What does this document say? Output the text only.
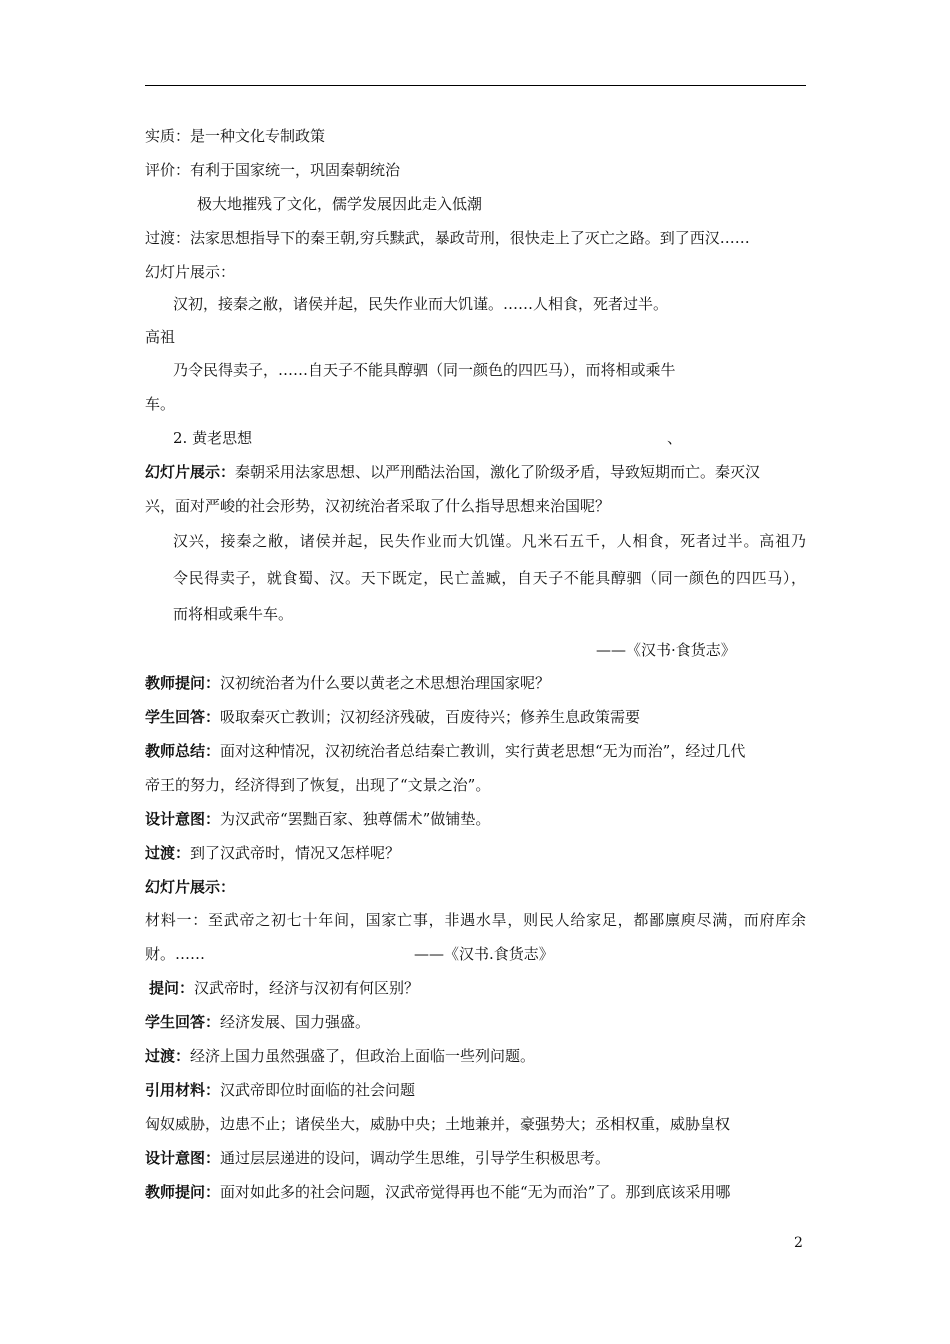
实质：是一种文化专制政策
评价：有利于国家统一，巩固秦朝统治
极大地摧残了文化，儒学发展因此走入低潮
过渡：法家思想指导下的秦王朝,穷兵黩武，暴政苛刑，很快走上了灭亡之路。到了西汉……
幻灯片展示：
汉初，接秦之敝，诸侯并起，民失作业而大饥谨。……人相食，死者过半。
高祖
乃令民得卖子，……自天子不能具醇驷（同一颜色的四匹马），而将相或乘牛
车。
2. 黄老思想	、
幻灯片展示：秦朝采用法家思想、以严刑酷法治国，激化了阶级矛盾，导致短期而亡。秦灭汉
兴，面对严峻的社会形势，汉初统治者采取了什么指导思想来治国呢？
汉兴，接秦之敝，诸侯并起，民失作业而大饥馑。凡米石五千，人相食，死者过半。高祖乃
令民得卖子，就食蜀、汉。天下既定，民亡盖臧，自天子不能具醇驷（同一颜色的四匹马），
而将相或乘牛车。
——《汉书·食货志》
教师提问：汉初统治者为什么要以黄老之术思想治理国家呢？
学生回答：吸取秦灭亡教训；汉初经济残破，百废待兴；修养生息政策需要
教师总结：面对这种情况，汉初统治者总结秦亡教训，实行黄老思想“无为而治”，经过几代
帝王的努力，经济得到了恢复，出现了“文景之治”。
设计意图：为汉武帝“罢黜百家、独尊儒术”做铺垫。
过渡：到了汉武帝时，情况又怎样呢？
幻灯片展示：
材料一：至武帝之初七十年间，国家亡事，非遇水旱，则民人给家足，都鄙廪庾尽满，而府库余
财。……	——《汉书.食货志》
提问：汉武帝时，经济与汉初有何区别？
学生回答：经济发展、国力强盛。
过渡：经济上国力虽然强盛了，但政治上面临一些列问题。
引用材料：汉武帝即位时面临的社会问题
匈奴威胁，边患不止；诸侯坐大，威胁中央；土地兼并，豪强势大；丞相权重，威胁皇权
设计意图：通过层层递进的设问，调动学生思维，引导学生积极思考。
教师提问：面对如此多的社会问题，汉武帝觉得再也不能“无为而治”了。那到底该采用哪
2
